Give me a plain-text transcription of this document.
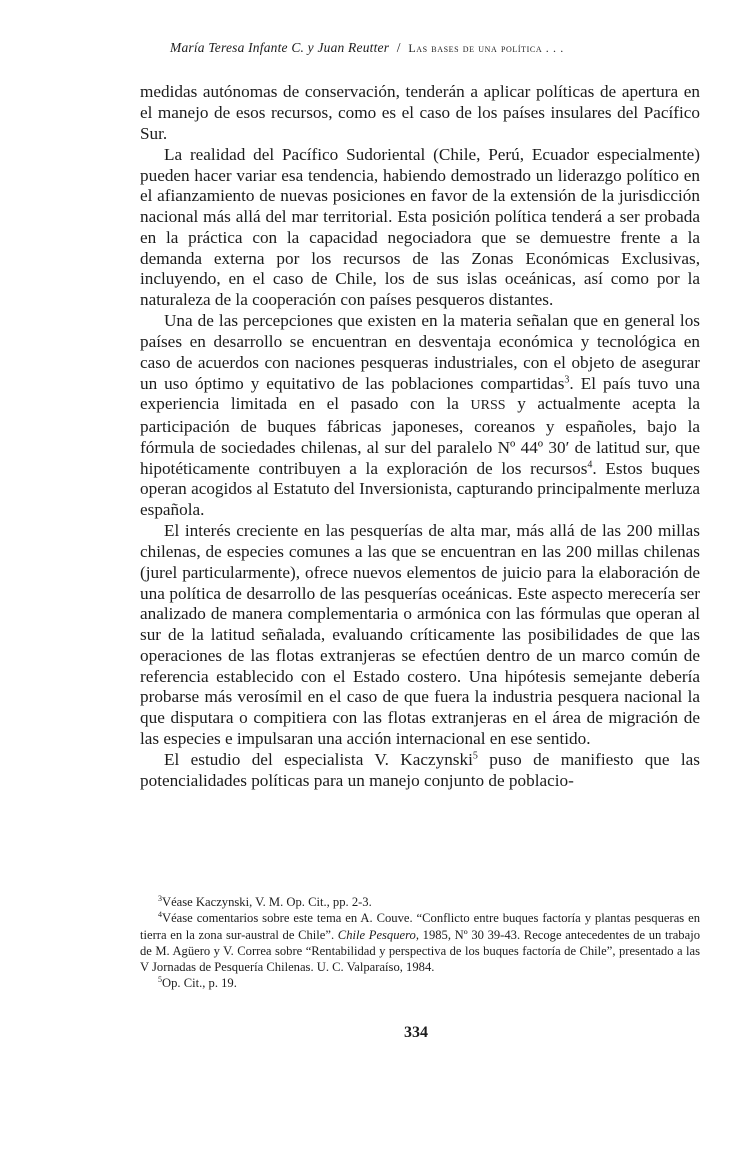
María Teresa Infante C. y Juan Reutter / Las bases de una política . . .

medidas autónomas de conservación, tenderán a aplicar políticas de apertura en el manejo de esos recursos, como es el caso de los países insulares del Pacífico Sur.

La realidad del Pacífico Sudoriental (Chile, Perú, Ecuador especialmente) pueden hacer variar esa tendencia, habiendo demostrado un liderazgo político en el afianzamiento de nuevas posiciones en favor de la extensión de la jurisdicción nacional más allá del mar territorial. Esta posición política tenderá a ser probada en la práctica con la capacidad negociadora que se demuestre frente a la demanda externa por los recursos de las Zonas Económicas Exclusivas, incluyendo, en el caso de Chile, los de sus islas oceánicas, así como por la naturaleza de la cooperación con países pesqueros distantes.

Una de las percepciones que existen en la materia señalan que en general los países en desarrollo se encuentran en desventaja económica y tecnológica en caso de acuerdos con naciones pesqueras industriales, con el objeto de asegurar un uso óptimo y equitativo de las poblaciones compartidas$^3$. El país tuvo una experiencia limitada en el pasado con la URSS y actualmente acepta la participación de buques fábricas japoneses, coreanos y españoles, bajo la fórmula de sociedades chilenas, al sur del paralelo Nº 44º 30′ de latitud sur, que hipotéticamente contribuyen a la exploración de los recursos$^4$. Estos buques operan acogidos al Estatuto del Inversionista, capturando principalmente merluza española.

El interés creciente en las pesquerías de alta mar, más allá de las 200 millas chilenas, de especies comunes a las que se encuentran en las 200 millas chilenas (jurel particularmente), ofrece nuevos elementos de juicio para la elaboración de una política de desarrollo de las pesquerías oceánicas. Este aspecto merecería ser analizado de manera complementaria o armónica con las fórmulas que operan al sur de la latitud señalada, evaluando críticamente las posibilidades de que las operaciones de las flotas extranjeras se efectúen dentro de un marco común de referencia establecido con el Estado costero. Una hipótesis semejante debería probarse más verosímil en el caso de que fuera la industria pesquera nacional la que disputara o compitiera con las flotas extranjeras en el área de migración de las especies e impulsaran una acción internacional en ese sentido.

El estudio del especialista V. Kaczynski$^5$ puso de manifiesto que las potencialidades políticas para un manejo conjunto de poblacio-

$^3$Véase Kaczynski, V. M. Op. Cit., pp. 2-3.

$^4$Véase comentarios sobre este tema en A. Couve. “Conflicto entre buques factoría y plantas pesqueras en tierra en la zona sur-austral de Chile”. Chile Pesquero, 1985, Nº 30 39-43. Recoge antecedentes de un trabajo de M. Agüero y V. Correa sobre “Rentabilidad y perspectiva de los buques factoría de Chile”, presentado a las V Jornadas de Pesquería Chilenas. U. C. Valparaíso, 1984.

$^5$Op. Cit., p. 19.

334
